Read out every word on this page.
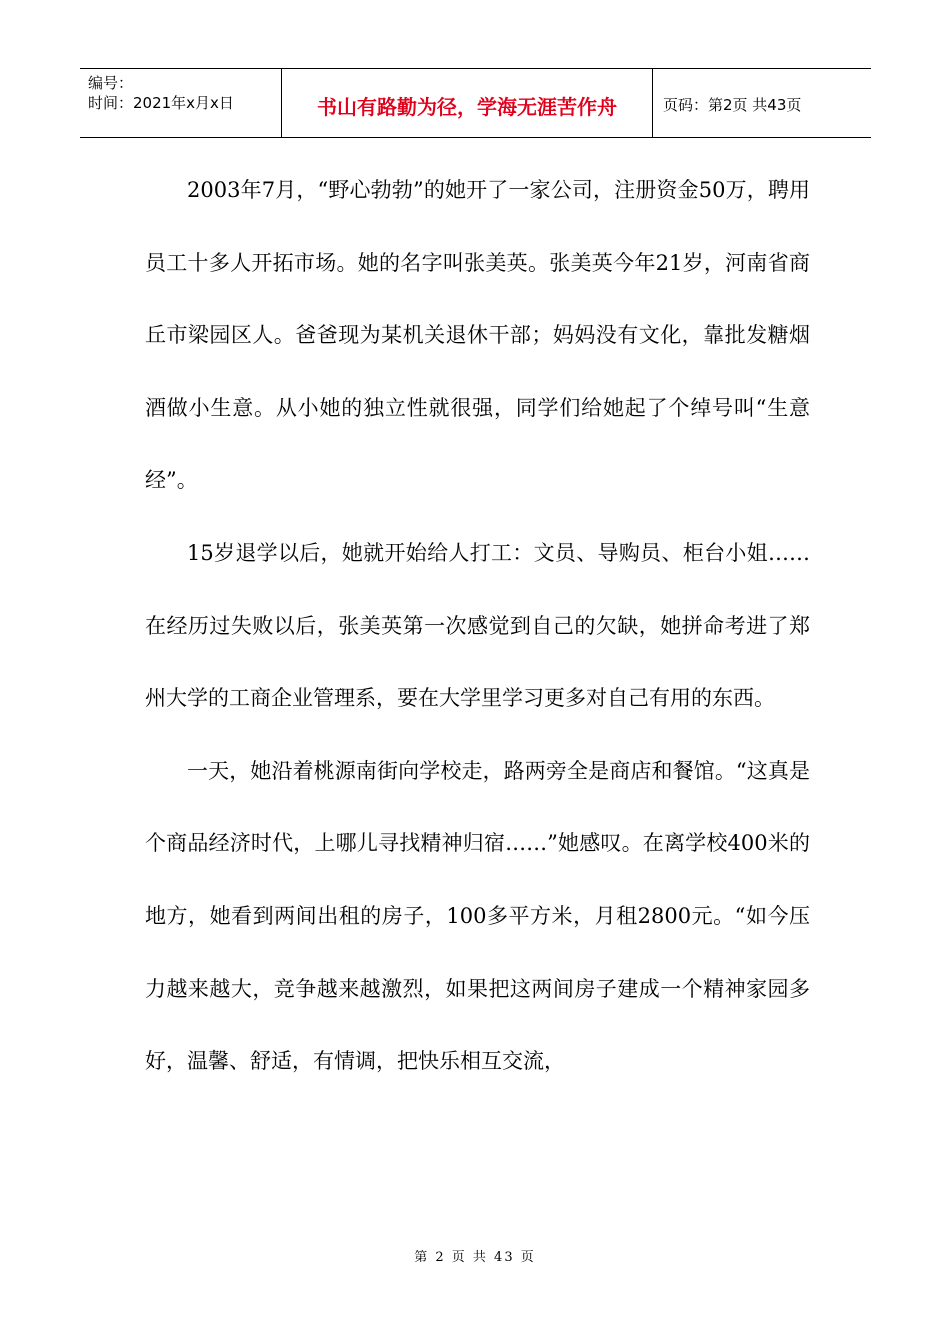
编号：
时间：2021年x月x日	书山有路勤为径，学海无涯苦作舟	页码：第2页 共43页

2003年7月，“野心勃勃”的她开了一家公司，注册资金50万，聘用员工十多人开拓市场。她的名字叫张美英。张美英今年21岁，河南省商丘市梁园区人。爸爸现为某机关退休干部；妈妈没有文化，靠批发糖烟酒做小生意。从小她的独立性就很强，同学们给她起了个绰号叫“生意经”。

15岁退学以后，她就开始给人打工：文员、导购员、柜台小姐……在经历过失败以后，张美英第一次感觉到自己的欠缺，她拼命考进了郑州大学的工商企业管理系，要在大学里学习更多对自己有用的东西。

一天，她沿着桃源南街向学校走，路两旁全是商店和餐馆。“这真是个商品经济时代，上哪儿寻找精神归宿……”她感叹。在离学校400米的地方，她看到两间出租的房子，100多平方米，月租2800元。“如今压力越来越大，竞争越来越激烈，如果把这两间房子建成一个精神家园多好，温馨、舒适，有情调，把快乐相互交流，

第 2 页 共 43 页
